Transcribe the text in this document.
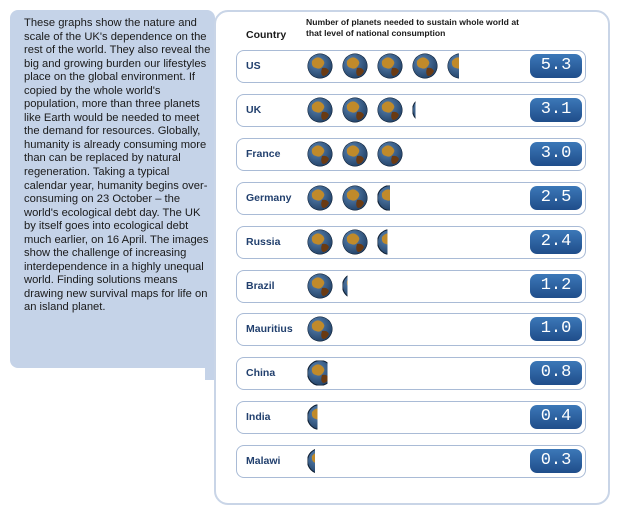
These graphs show the nature and scale of the UK's dependence on the rest of the world. They also reveal the big and growing burden our lifestyles place on the global environment. If copied by the whole world's population, more than three planets like Earth would be needed to meet the demand for resources. Globally, humanity is already consuming more than can be replaced by natural regeneration. Taking a typical calendar year, humanity begins over-consuming on 23 October – the world's ecological debt day. The UK by itself goes into ecological debt much earlier, on 16 April. The images show the challenge of increasing interdependence in a highly unequal world. Finding solutions means drawing new survival maps for life on an island planet.

Country
Number of planets needed to sustain whole world at that level of national consumption
US	5.3
UK	3.1
France	3.0
Germany	2.5
Russia	2.4
Brazil	1.2
Mauritius	1.0
China	0.8
India	0.4
Malawi	0.3
